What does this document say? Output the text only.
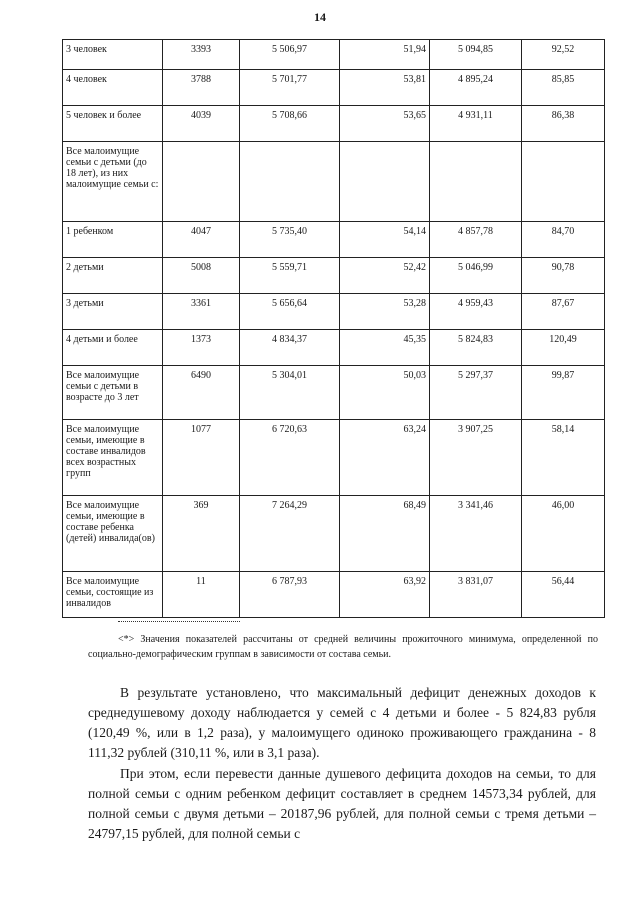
14
3 человек	3393	5 506,97	51,94	5 094,85	92,52
4 человек	3788	5 701,77	53,81	4 895,24	85,85
5 человек и более	4039	5 708,66	53,65	4 931,11	86,38
Все малоимущие семьи с детьми (до 18 лет), из них малоимущие семьи с:					
1 ребенком	4047	5 735,40	54,14	4 857,78	84,70
2 детьми	5008	5 559,71	52,42	5 046,99	90,78
3 детьми	3361	5 656,64	53,28	4 959,43	87,67
4 детьми и более	1373	4 834,37	45,35	5 824,83	120,49
Все малоимущие семьи с детьми в возрасте до 3 лет	6490	5 304,01	50,03	5 297,37	99,87
Все малоимущие семьи, имеющие в составе инвалидов всех возрастных групп	1077	6 720,63	63,24	3 907,25	58,14
Все малоимущие семьи, имеющие в составе ребенка (детей) инвалида(ов)	369	7 264,29	68,49	3 341,46	46,00
Все малоимущие семьи, состоящие из инвалидов	11	6 787,93	63,92	3 831,07	56,44
<*> Значения показателей рассчитаны от средней величины прожиточного минимума, определенной по социально-демографическим группам в зависимости от состава семьи.
В результате установлено, что максимальный дефицит денежных доходов к среднедушевому доходу наблюдается у семей с 4 детьми и более - 5 824,83 рубля (120,49 %, или в 1,2 раза), у малоимущего одиноко проживающего гражданина - 8 111,32 рублей (310,11 %, или в 3,1 раза).
При этом, если перевести данные душевого дефицита доходов на семьи, то для полной семьи с одним ребенком дефицит составляет в среднем 14573,34 рублей, для полной семьи с двумя детьми – 20187,96 рублей, для полной семьи с тремя детьми – 24797,15 рублей, для полной семьи с
